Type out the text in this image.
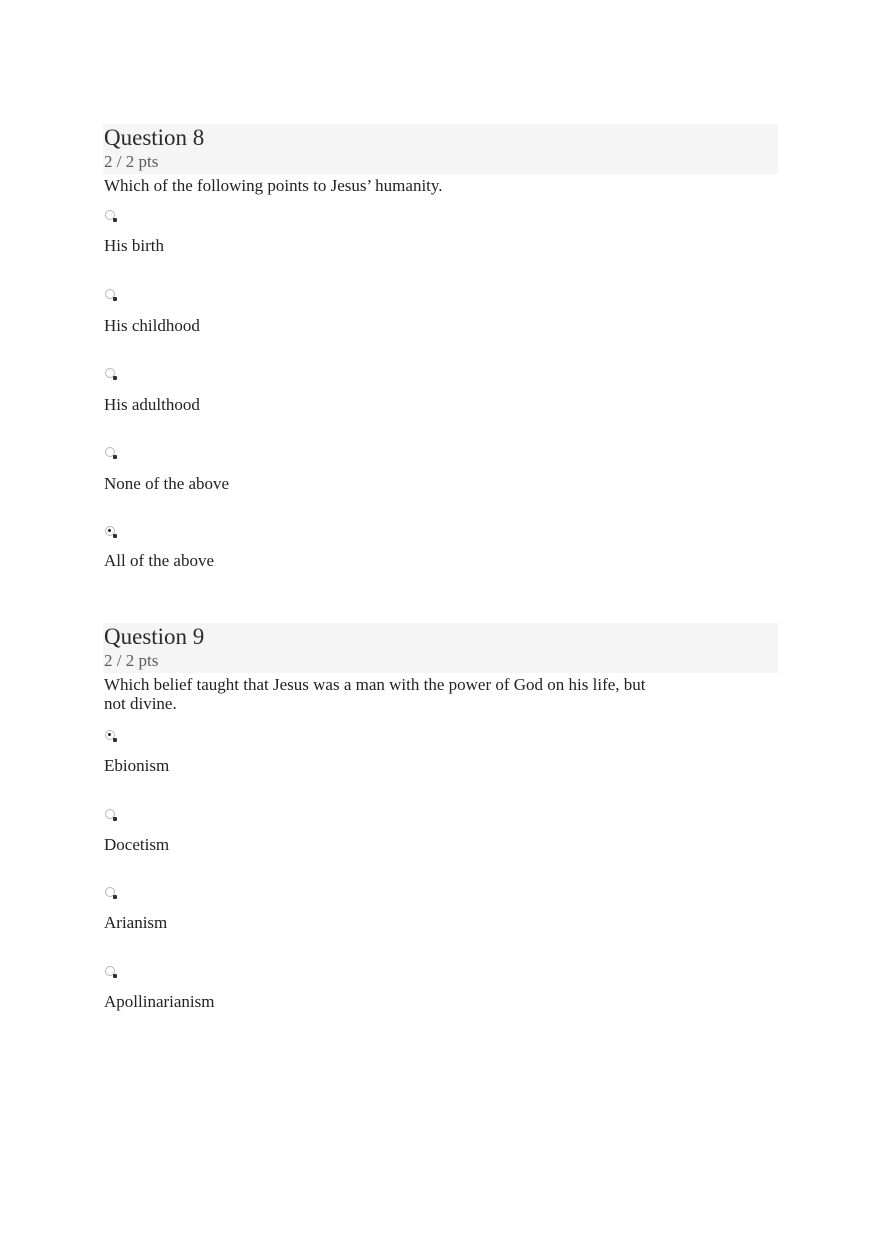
Question 8
2 / 2 pts
Which of the following points to Jesus’ humanity.
His birth
His childhood
His adulthood
None of the above
All of the above
Question 9
2 / 2 pts
Which belief taught that Jesus was a man with the power of God on his life, but not divine.
Ebionism
Docetism
Arianism
Apollinarianism
